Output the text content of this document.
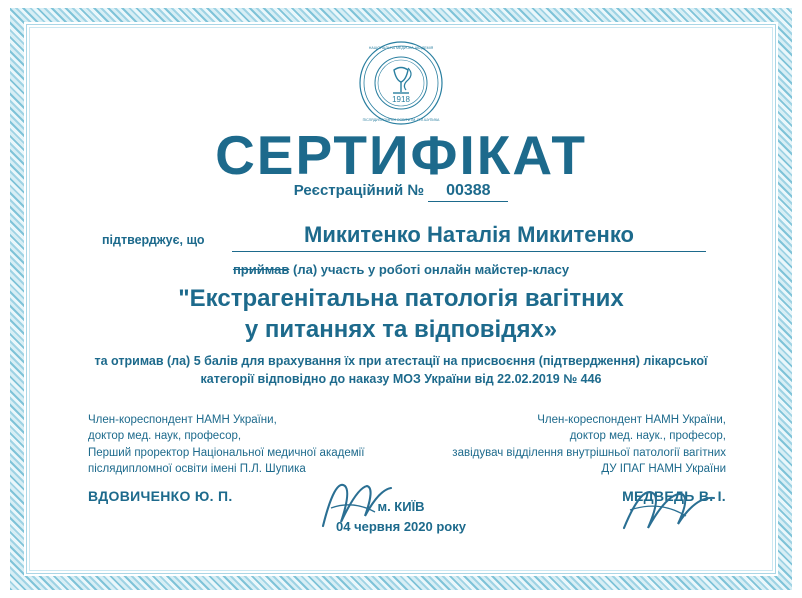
1918
НАЦІОНАЛЬНА МЕДИЧНА АКАДЕМІЯ
ПІСЛЯДИПЛОМНОЇ ОСВІТИ ІМ. П.Л.ШУПИКА
СЕРТИФІКАТ
Реєстраційний № 00388
підтверджує, що	Микитенко Наталія Микитенко
приймав (ла) участь у роботі онлайн майстер-класу
"Екстрагенітальна патологія вагітних
у питаннях та відповідях»
та отримав (ла) 5 балів для врахування їх при атестації на присвоєння (підтвердження) лікарської
категорії відповідно до наказу МОЗ України від 22.02.2019 № 446
Член-кореспондент НАМН України,
доктор мед. наук, професор,
Перший проректор Національної медичної академії
післядипломної освіти імені П.Л. Шупика
ВДОВИЧЕНКО Ю. П.
Член-кореспондент НАМН України,
доктор мед. наук., професор,
завідувач відділення внутрішньої патології вагітних
ДУ ІПАГ НАМН України
МЕДВЕДЬ В. І.
м. КИЇВ
04 червня 2020 року
